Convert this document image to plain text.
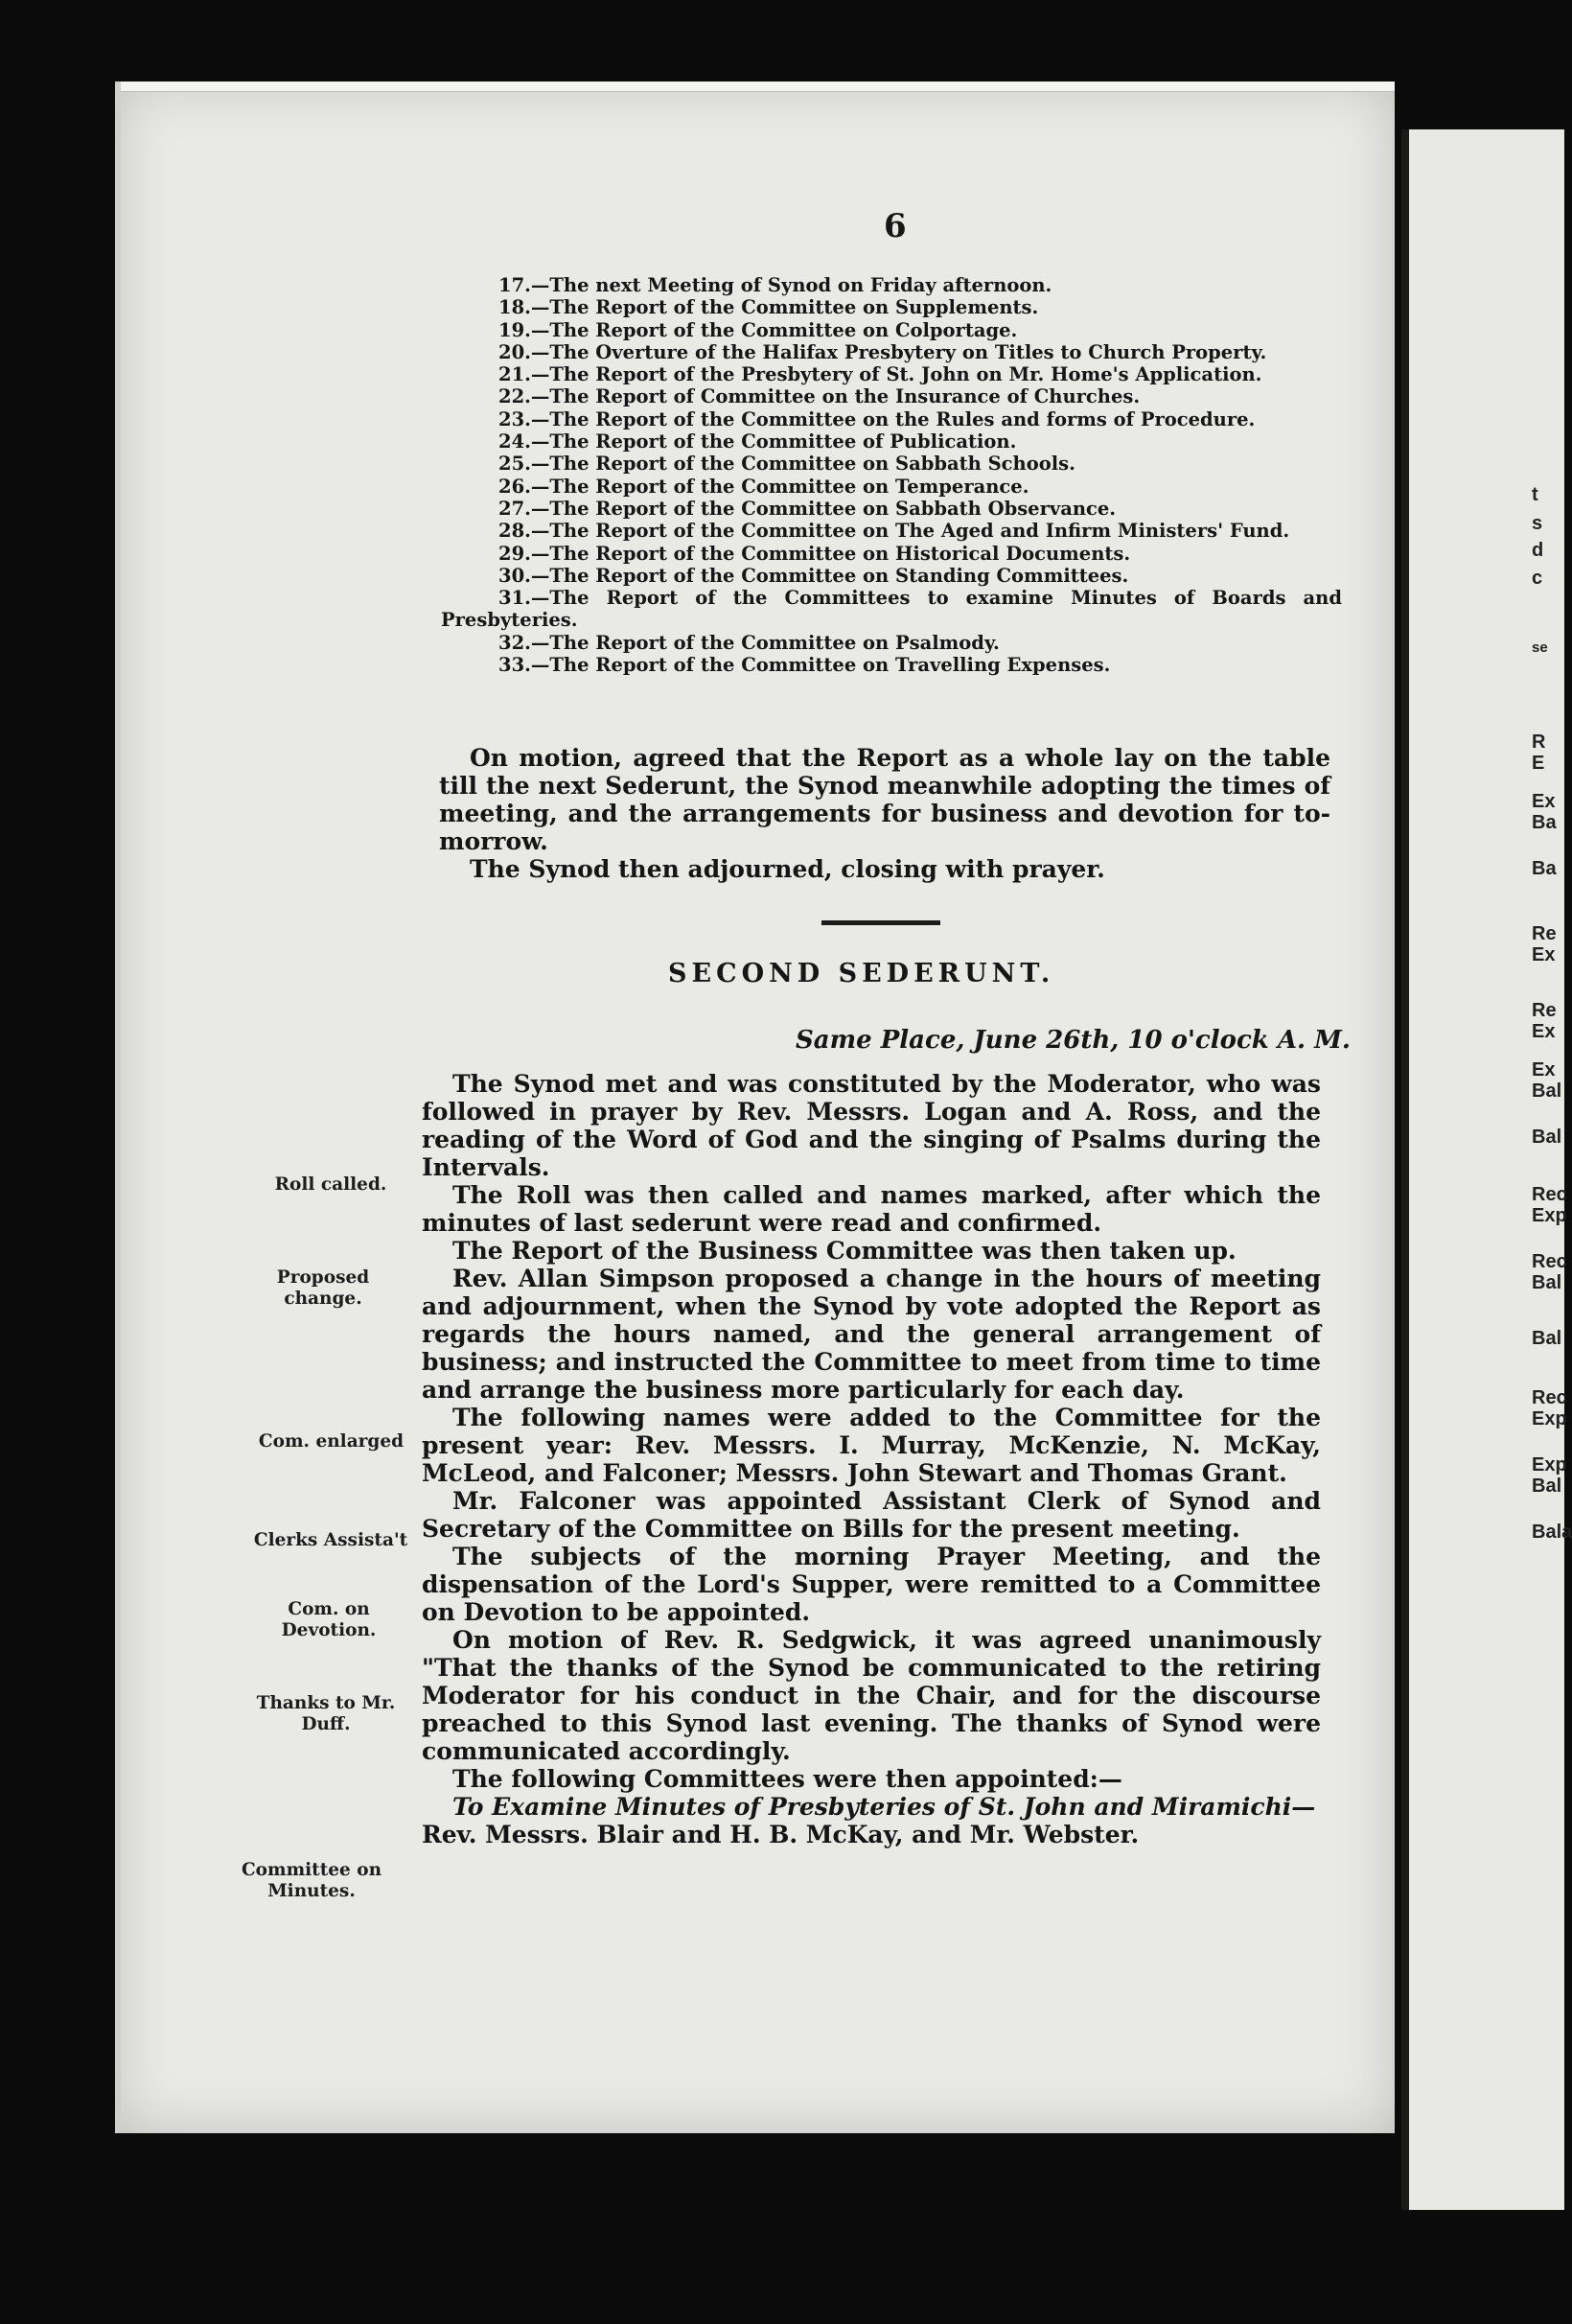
t
s
d
c
se
R
E
Ex
Ba
Ba
Re
Ex
Re
Ex
Ex
Bal
Bal
Rec
Exp
Rec
Bal
Bal
Rec
Exp
Exp
Bal
Bala
6
17.—The next Meeting of Synod on Friday afternoon.
18.—The Report of the Committee on Supplements.
19.—The Report of the Committee on Colportage.
20.—The Overture of the Halifax Presbytery on Titles to Church Property.
21.—The Report of the Presbytery of St. John on Mr. Home's Application.
22.—The Report of Committee on the Insurance of Churches.
23.—The Report of the Committee on the Rules and forms of Procedure.
24.—The Report of the Committee of Publication.
25.—The Report of the Committee on Sabbath Schools.
26.—The Report of the Committee on Temperance.
27.—The Report of the Committee on Sabbath Observance.
28.—The Report of the Committee on The Aged and Infirm Ministers' Fund.
29.—The Report of the Committee on Historical Documents.
30.—The Report of the Committee on Standing Committees.
31.—The Report of the Committees to examine Minutes of Boards and
Presbyteries.
32.—The Report of the Committee on Psalmody.
33.—The Report of the Committee on Travelling Expenses.

On motion, agreed that the Report as a whole lay on the table till the next Sederunt, the Synod meanwhile adopting the times of meeting, and the arrangements for business and devotion for to-morrow.

The Synod then adjourned, closing with prayer.

SECOND SEDERUNT.
Same Place, June 26th, 10 o'clock A. M.

The Synod met and was constituted by the Moderator, who was followed in prayer by Rev. Messrs. Logan and A. Ross, and the reading of the Word of God and the singing of Psalms during the Intervals.

The Roll was then called and names marked, after which the minutes of last sederunt were read and confirmed.

The Report of the Business Committee was then taken up.

Rev. Allan Simpson proposed a change in the hours of meeting and adjournment, when the Synod by vote adopted the Report as regards the hours named, and the general arrangement of business; and instructed the Committee to meet from time to time and arrange the business more particularly for each day.

The following names were added to the Committee for the present year: Rev. Messrs. I. Murray, McKenzie, N. McKay, McLeod, and Falconer; Messrs. John Stewart and Thomas Grant.

Mr. Falconer was appointed Assistant Clerk of Synod and Secretary of the Committee on Bills for the present meeting.

The subjects of the morning Prayer Meeting, and the dispensation of the Lord's Supper, were remitted to a Committee on Devotion to be appointed.

On motion of Rev. R. Sedgwick, it was agreed unanimously "That the thanks of the Synod be communicated to the retiring Moderator for his conduct in the Chair, and for the discourse preached to this Synod last evening. The thanks of Synod were communicated accordingly.

The following Committees were then appointed:—

To Examine Minutes of Presbyteries of St. John and Miramichi—

Rev. Messrs. Blair and H. B. McKay, and Mr. Webster.

Roll called.
Proposed change.
Com. enlarged
Clerks Assista't
Com. on Devotion.
Thanks to Mr. Duff.
Committee on Minutes.
